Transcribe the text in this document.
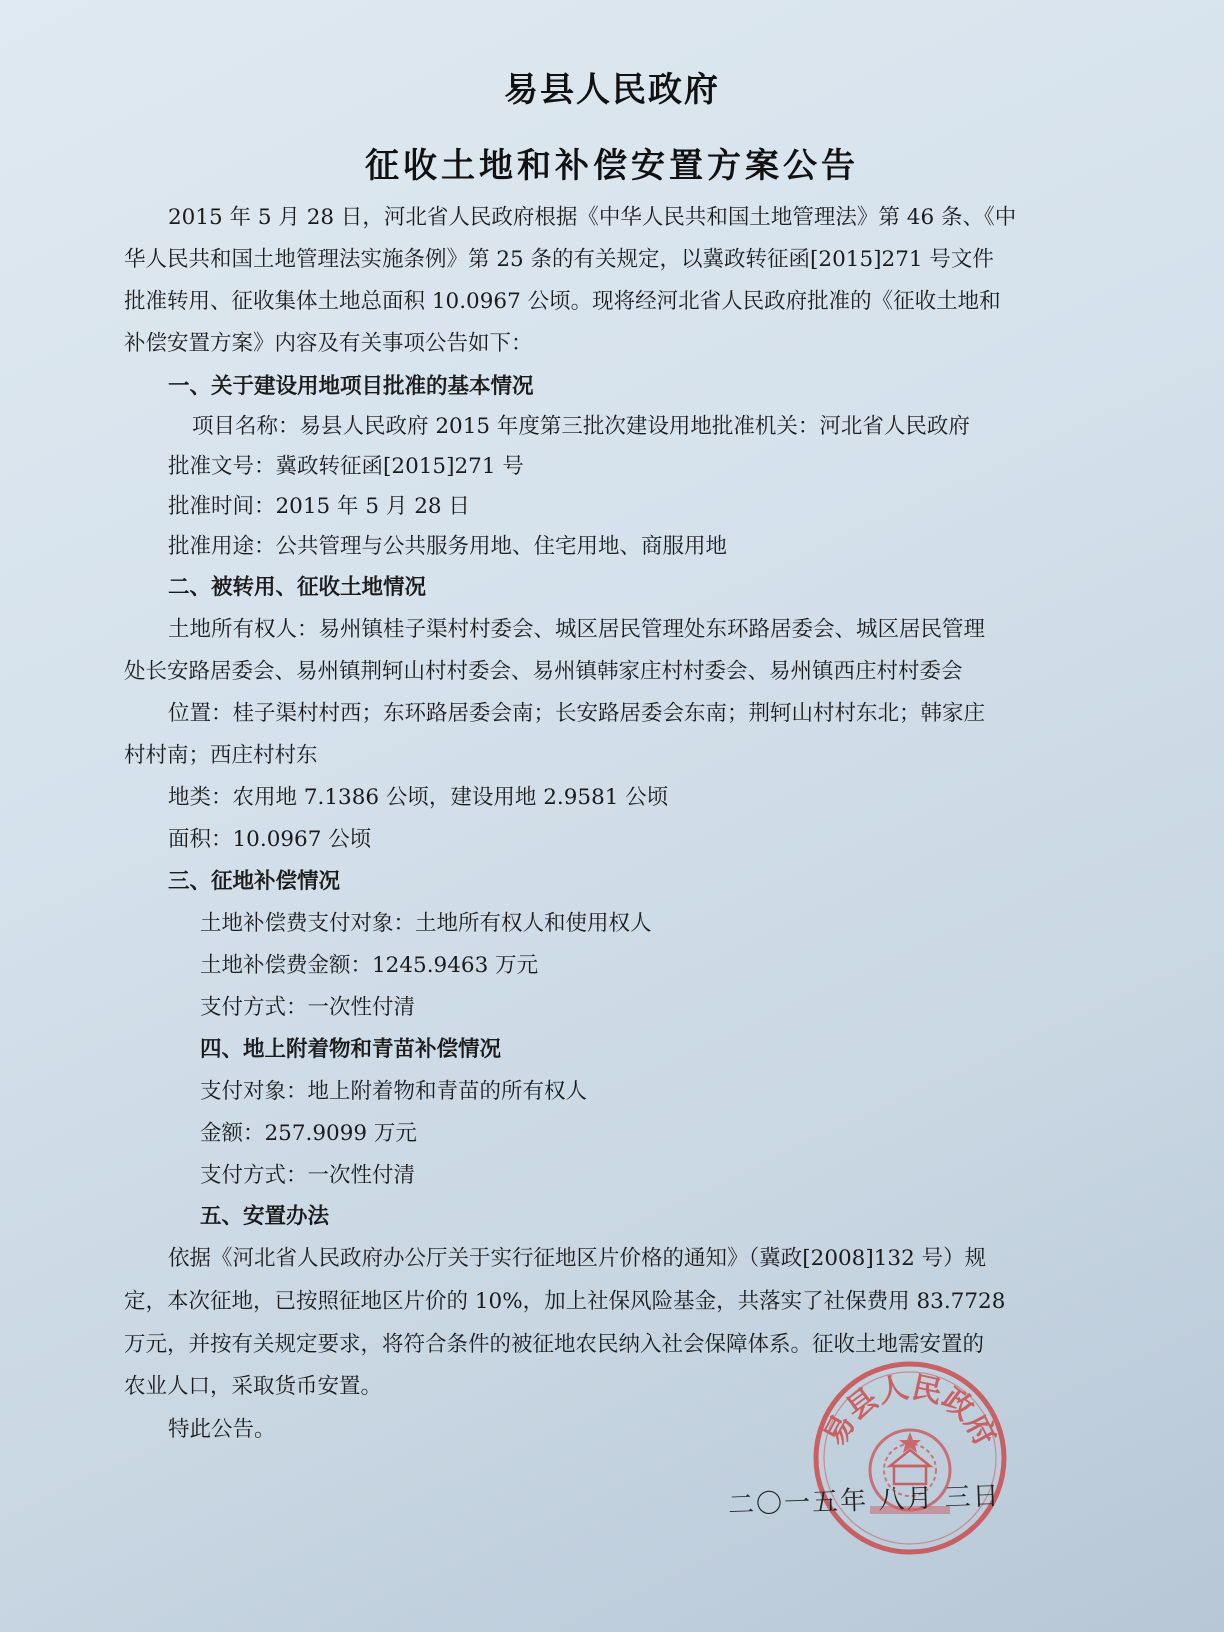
易县人民政府
征收土地和补偿安置方案公告
2015 年 5 月 28 日，河北省人民政府根据《中华人民共和国土地管理法》第 46 条、《中
华人民共和国土地管理法实施条例》第 25 条的有关规定，以冀政转征函[2015]271 号文件
批准转用、征收集体土地总面积 10.0967 公顷。现将经河北省人民政府批准的《征收土地和
补偿安置方案》内容及有关事项公告如下：
一、关于建设用地项目批准的基本情况
项目名称：易县人民政府 2015 年度第三批次建设用地批准机关：河北省人民政府
批准文号：冀政转征函[2015]271 号
批准时间：2015 年 5 月 28 日
批准用途：公共管理与公共服务用地、住宅用地、商服用地
二、被转用、征收土地情况
土地所有权人：易州镇桂子渠村村委会、城区居民管理处东环路居委会、城区居民管理
处长安路居委会、易州镇荆轲山村村委会、易州镇韩家庄村村委会、易州镇西庄村村委会
位置：桂子渠村村西；东环路居委会南；长安路居委会东南；荆轲山村村东北；韩家庄
村村南；西庄村村东
地类：农用地 7.1386 公顷，建设用地 2.9581 公顷
面积：10.0967 公顷
三、征地补偿情况
土地补偿费支付对象：土地所有权人和使用权人
土地补偿费金额：1245.9463 万元
支付方式：一次性付清
四、地上附着物和青苗补偿情况
支付对象：地上附着物和青苗的所有权人
金额：257.9099 万元
支付方式：一次性付清
五、安置办法
依据《河北省人民政府办公厅关于实行征地区片价格的通知》（冀政[2008]132 号）规
定，本次征地，已按照征地区片价的 10%，加上社保风险基金，共落实了社保费用 83.7728
万元，并按有关规定要求，将符合条件的被征地农民纳入社会保障体系。征收土地需安置的
农业人口，采取货币安置。
特此公告。	易县人民政府
二〇一五年 八月 三日
